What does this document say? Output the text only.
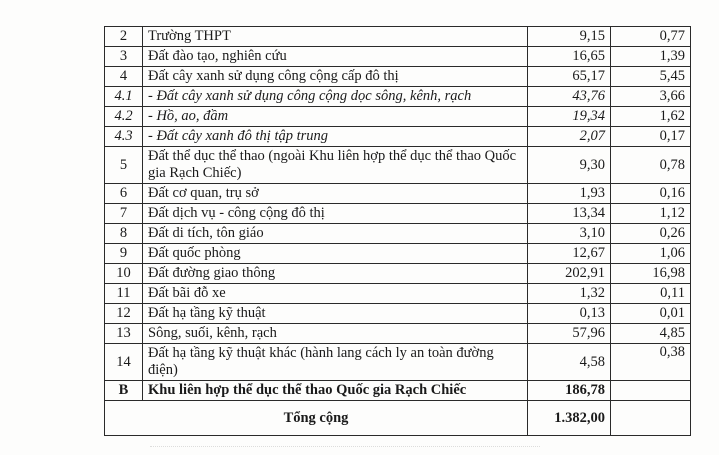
2	Trường THPT	9,15	0,77
3	Đất đào tạo, nghiên cứu	16,65	1,39
4	Đất cây xanh sử dụng công cộng cấp đô thị	65,17	5,45
4.1	- Đất cây xanh sử dụng công cộng dọc sông, kênh, rạch	43,76	3,66
4.2	- Hồ, ao, đầm	19,34	1,62
4.3	- Đất cây xanh đô thị tập trung	2,07	0,17
5	Đất thể dục thể thao (ngoài Khu liên hợp thể dục thể thao Quốc gia Rạch Chiếc)	9,30	0,78
6	Đất cơ quan, trụ sở	1,93	0,16
7	Đất dịch vụ - công cộng đô thị	13,34	1,12
8	Đất di tích, tôn giáo	3,10	0,26
9	Đất quốc phòng	12,67	1,06
10	Đất đường giao thông	202,91	16,98
11	Đất bãi đỗ xe	1,32	0,11
12	Đất hạ tầng kỹ thuật	0,13	0,01
13	Sông, suối, kênh, rạch	57,96	4,85
14	Đất hạ tầng kỹ thuật khác (hành lang cách ly an toàn đường điện)	4,58	0,38
B	Khu liên hợp thể dục thể thao Quốc gia Rạch Chiếc	186,78	
Tổng cộng		1.382,00	
